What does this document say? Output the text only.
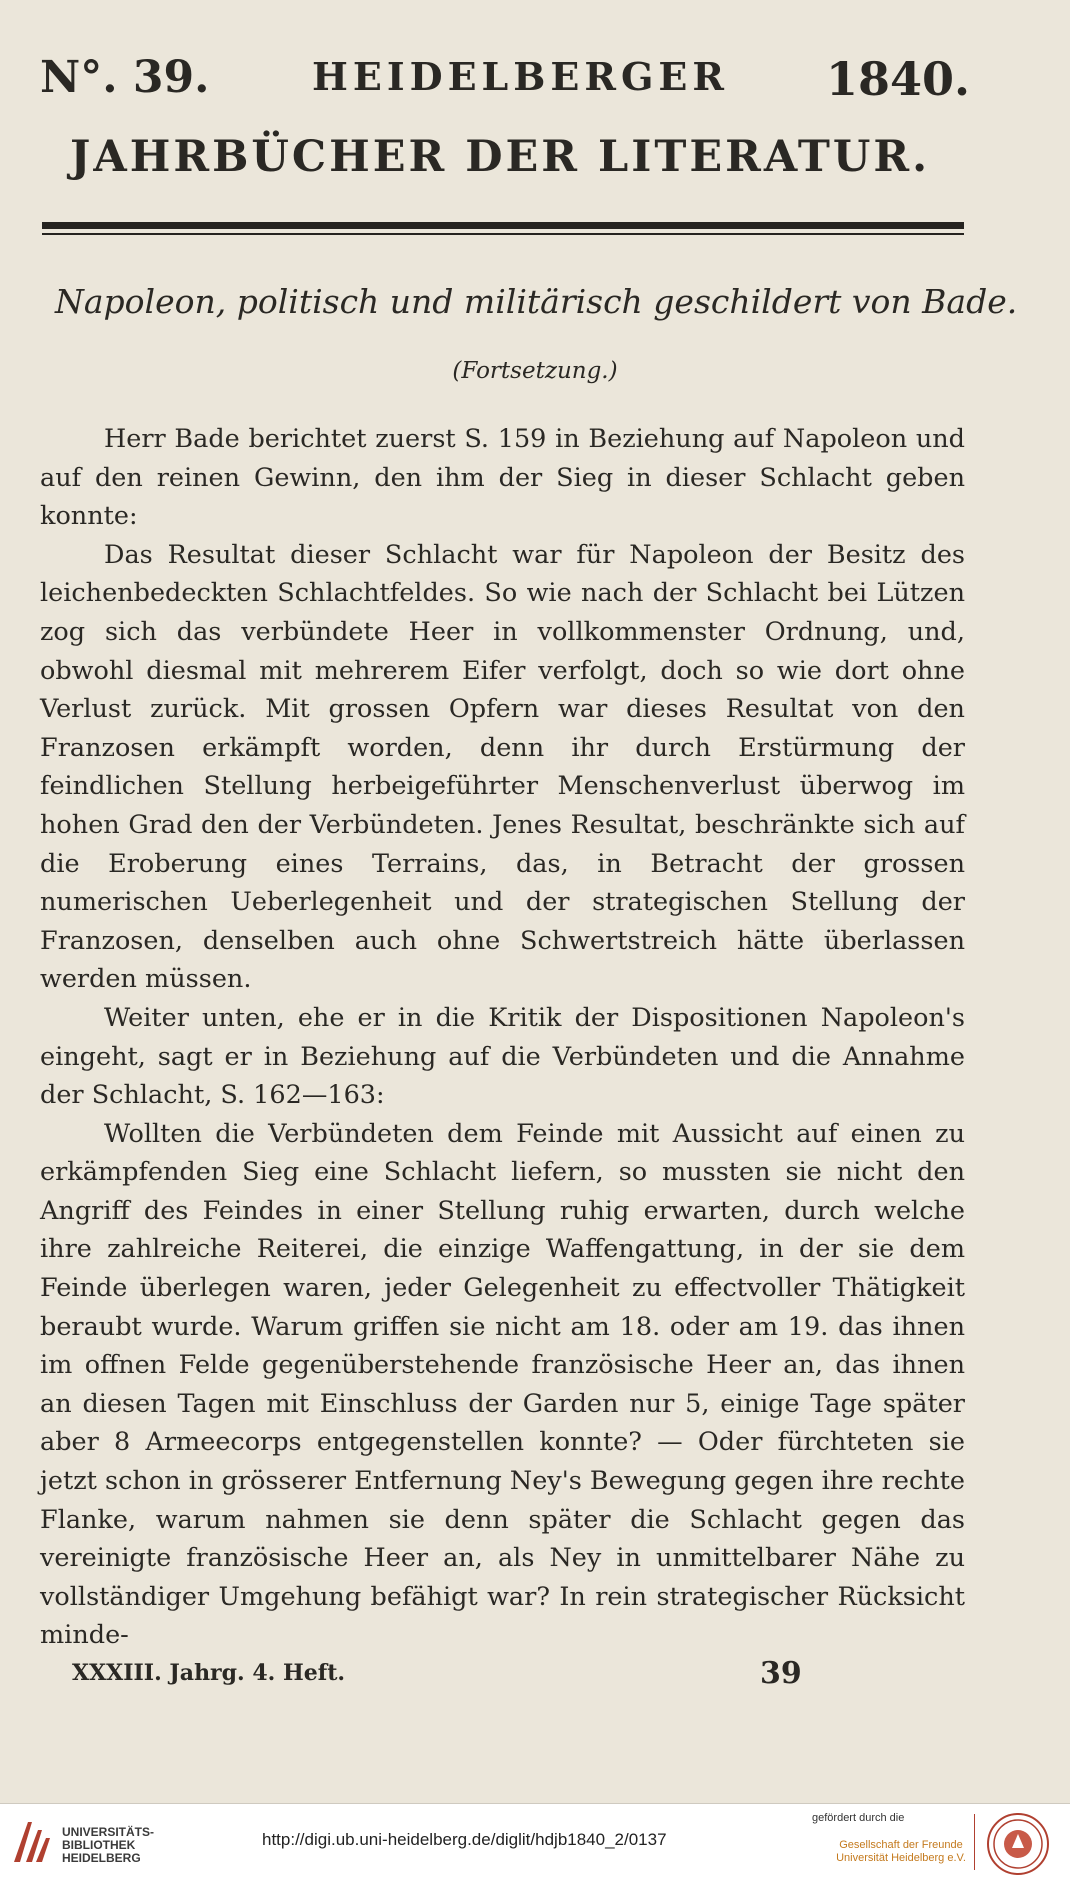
N°. 39.	HEIDELBERGER 1840.
JAHRBÜCHER DER LITERATUR.
Napoleon, politisch und militärisch geschildert von Bade.
(Fortsetzung.)

Herr Bade berichtet zuerst S. 159 in Beziehung auf Napoleon und auf den reinen Gewinn, den ihm der Sieg in dieser Schlacht geben konnte:

Das Resultat dieser Schlacht war für Napoleon der Besitz des leichenbedeckten Schlachtfeldes. So wie nach der Schlacht bei Lützen zog sich das verbündete Heer in vollkommenster Ordnung, und, obwohl diesmal mit mehrerem Eifer verfolgt, doch so wie dort ohne Verlust zurück. Mit grossen Opfern war dieses Resultat von den Franzosen erkämpft worden, denn ihr durch Erstürmung der feindlichen Stellung herbeigeführter Menschenverlust überwog im hohen Grad den der Verbündeten. Jenes Resultat, beschränkte sich auf die Eroberung eines Terrains, das, in Betracht der grossen numerischen Ueberlegenheit und der strategischen Stellung der Franzosen, denselben auch ohne Schwertstreich hätte überlassen werden müssen.

Weiter unten, ehe er in die Kritik der Dispositionen Napoleon's eingeht, sagt er in Beziehung auf die Verbündeten und die Annahme der Schlacht, S. 162—163:

Wollten die Verbündeten dem Feinde mit Aussicht auf einen zu erkämpfenden Sieg eine Schlacht liefern, so mussten sie nicht den Angriff des Feindes in einer Stellung ruhig erwarten, durch welche ihre zahlreiche Reiterei, die einzige Waffengattung, in der sie dem Feinde überlegen waren, jeder Gelegenheit zu effectvoller Thätigkeit beraubt wurde. Warum griffen sie nicht am 18. oder am 19. das ihnen im offnen Felde gegenüberstehende französische Heer an, das ihnen an diesen Tagen mit Einschluss der Garden nur 5, einige Tage später aber 8 Armeecorps entgegenstellen konnte? — Oder fürchteten sie jetzt schon in grösserer Entfernung Ney's Bewegung gegen ihre rechte Flanke, warum nahmen sie denn später die Schlacht gegen das vereinigte französische Heer an, als Ney in unmittelbarer Nähe zu vollständiger Umgehung befähigt war? In rein strategischer Rücksicht minde-

XXXIII. Jahrg. 4. Heft.	39
UNIVERSITÄTS- BIBLIOTHEK HEIDELBERG
http://digi.ub.uni-heidelberg.de/diglit/hdjb1840_2/0137
gefördert durch die
Gesellschaft der Freunde Universität Heidelberg e.V.
